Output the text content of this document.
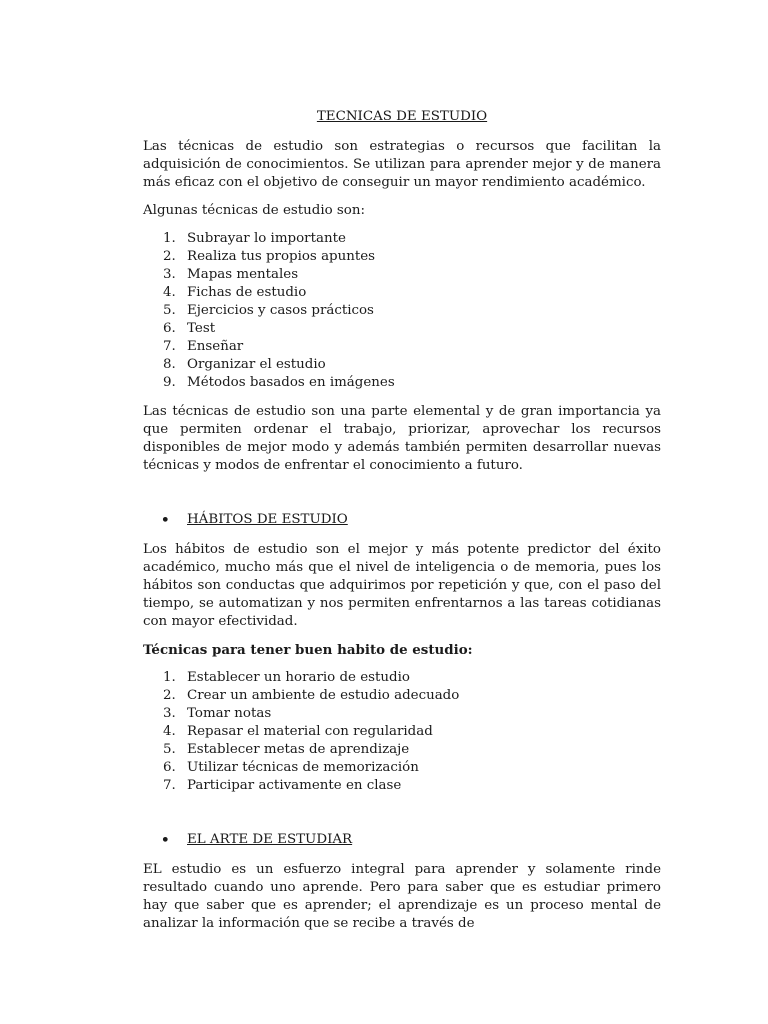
TECNICAS DE ESTUDIO

Las técnicas de estudio son estrategias o recursos que facilitan la adquisición de conocimientos. Se utilizan para aprender mejor y de manera más eficaz con el objetivo de conseguir un mayor rendimiento académico.

Algunas técnicas de estudio son:

1. Subrayar lo importante
2. Realiza tus propios apuntes
3. Mapas mentales
4. Fichas de estudio
5. Ejercicios y casos prácticos
6. Test
7. Enseñar
8. Organizar el estudio
9. Métodos basados en imágenes

Las técnicas de estudio son una parte elemental y de gran importancia ya que permiten ordenar el trabajo, priorizar, aprovechar los recursos disponibles de mejor modo y además también permiten desarrollar nuevas técnicas y modos de enfrentar el conocimiento a futuro.

• HÁBITOS DE ESTUDIO

Los hábitos de estudio son el mejor y más potente predictor del éxito académico, mucho más que el nivel de inteligencia o de memoria, pues los hábitos son conductas que adquirimos por repetición y que, con el paso del tiempo, se automatizan y nos permiten enfrentarnos a las tareas cotidianas con mayor efectividad.

Técnicas para tener buen habito de estudio:

1. Establecer un horario de estudio
2. Crear un ambiente de estudio adecuado
3. Tomar notas
4. Repasar el material con regularidad
5. Establecer metas de aprendizaje
6. Utilizar técnicas de memorización
7. Participar activamente en clase
• EL ARTE DE ESTUDIAR

EL estudio es un esfuerzo integral para aprender y solamente rinde resultado cuando uno aprende. Pero para saber que es estudiar primero hay que saber que es aprender; el aprendizaje es un proceso mental de analizar la información que se recibe a través de
